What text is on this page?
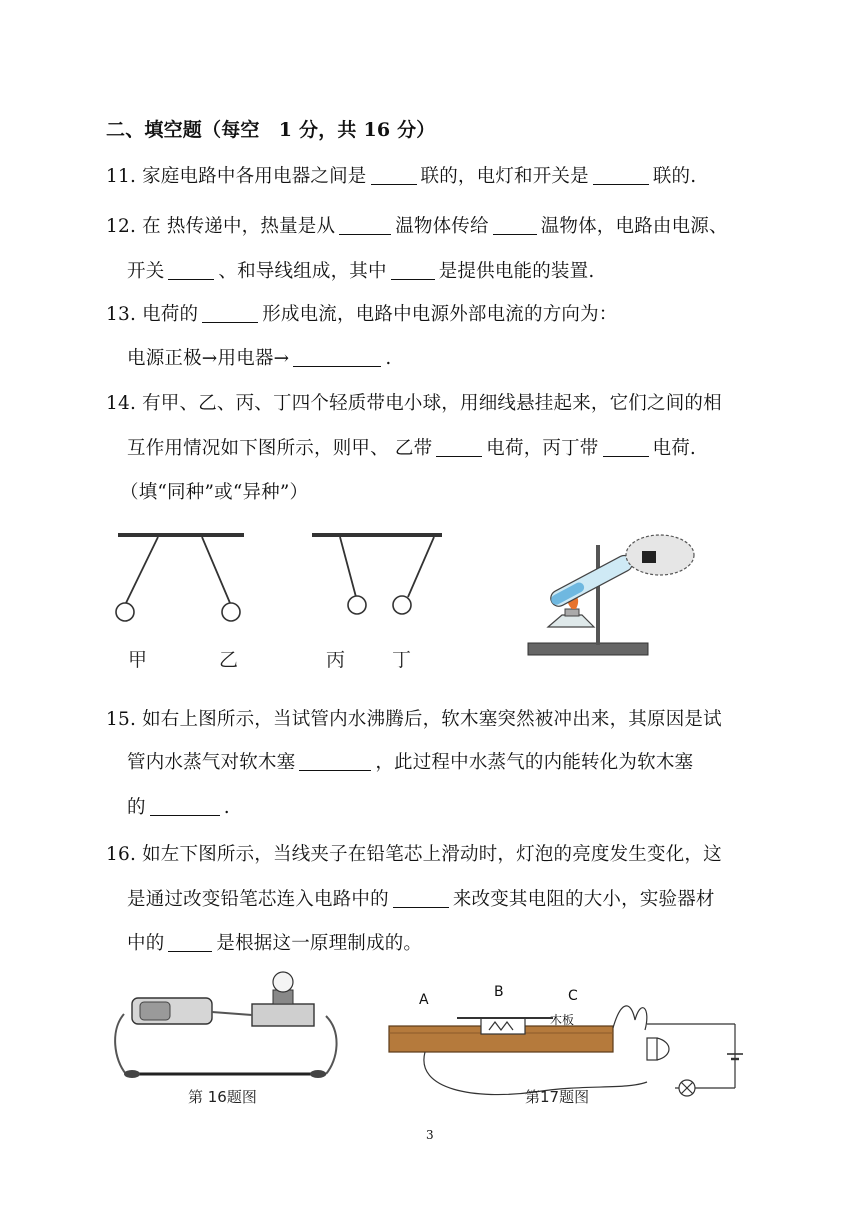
二、填空题（每空　1 分，共 16 分）
11. 家庭电路中各用电器之间是	联的，电灯和开关是	联的.
12. 在 热传递中，热量是从	温物体传给	温物体，电路由电源、
开关	、和导线组成，其中	是提供电能的装置.
13. 电荷的	形成电流，电路中电源外部电流的方向为：
电源正极→用电器→	.
14. 有甲、乙、丙、丁四个轻质带电小球，用细线悬挂起来，它们之间的相
互作用情况如下图所示，则甲、 乙带	电荷，丙丁带	电荷.
（填“同种”或“异种”）
甲	乙	丙 丁
15. 如右上图所示，当试管内水沸腾后，软木塞突然被冲出来，其原因是试
管内水蒸气对软木塞	，此过程中水蒸气的内能转化为软木塞
的	.
16. 如左下图所示，当线夹子在铅笔芯上滑动时，灯泡的亮度发生变化，这
是通过改变铅笔芯连入电路中的	来改变其电阻的大小，实验器材
中的	是根据这一原理制成的。
第 16题图
A	B	C
木板
第17题图
3
